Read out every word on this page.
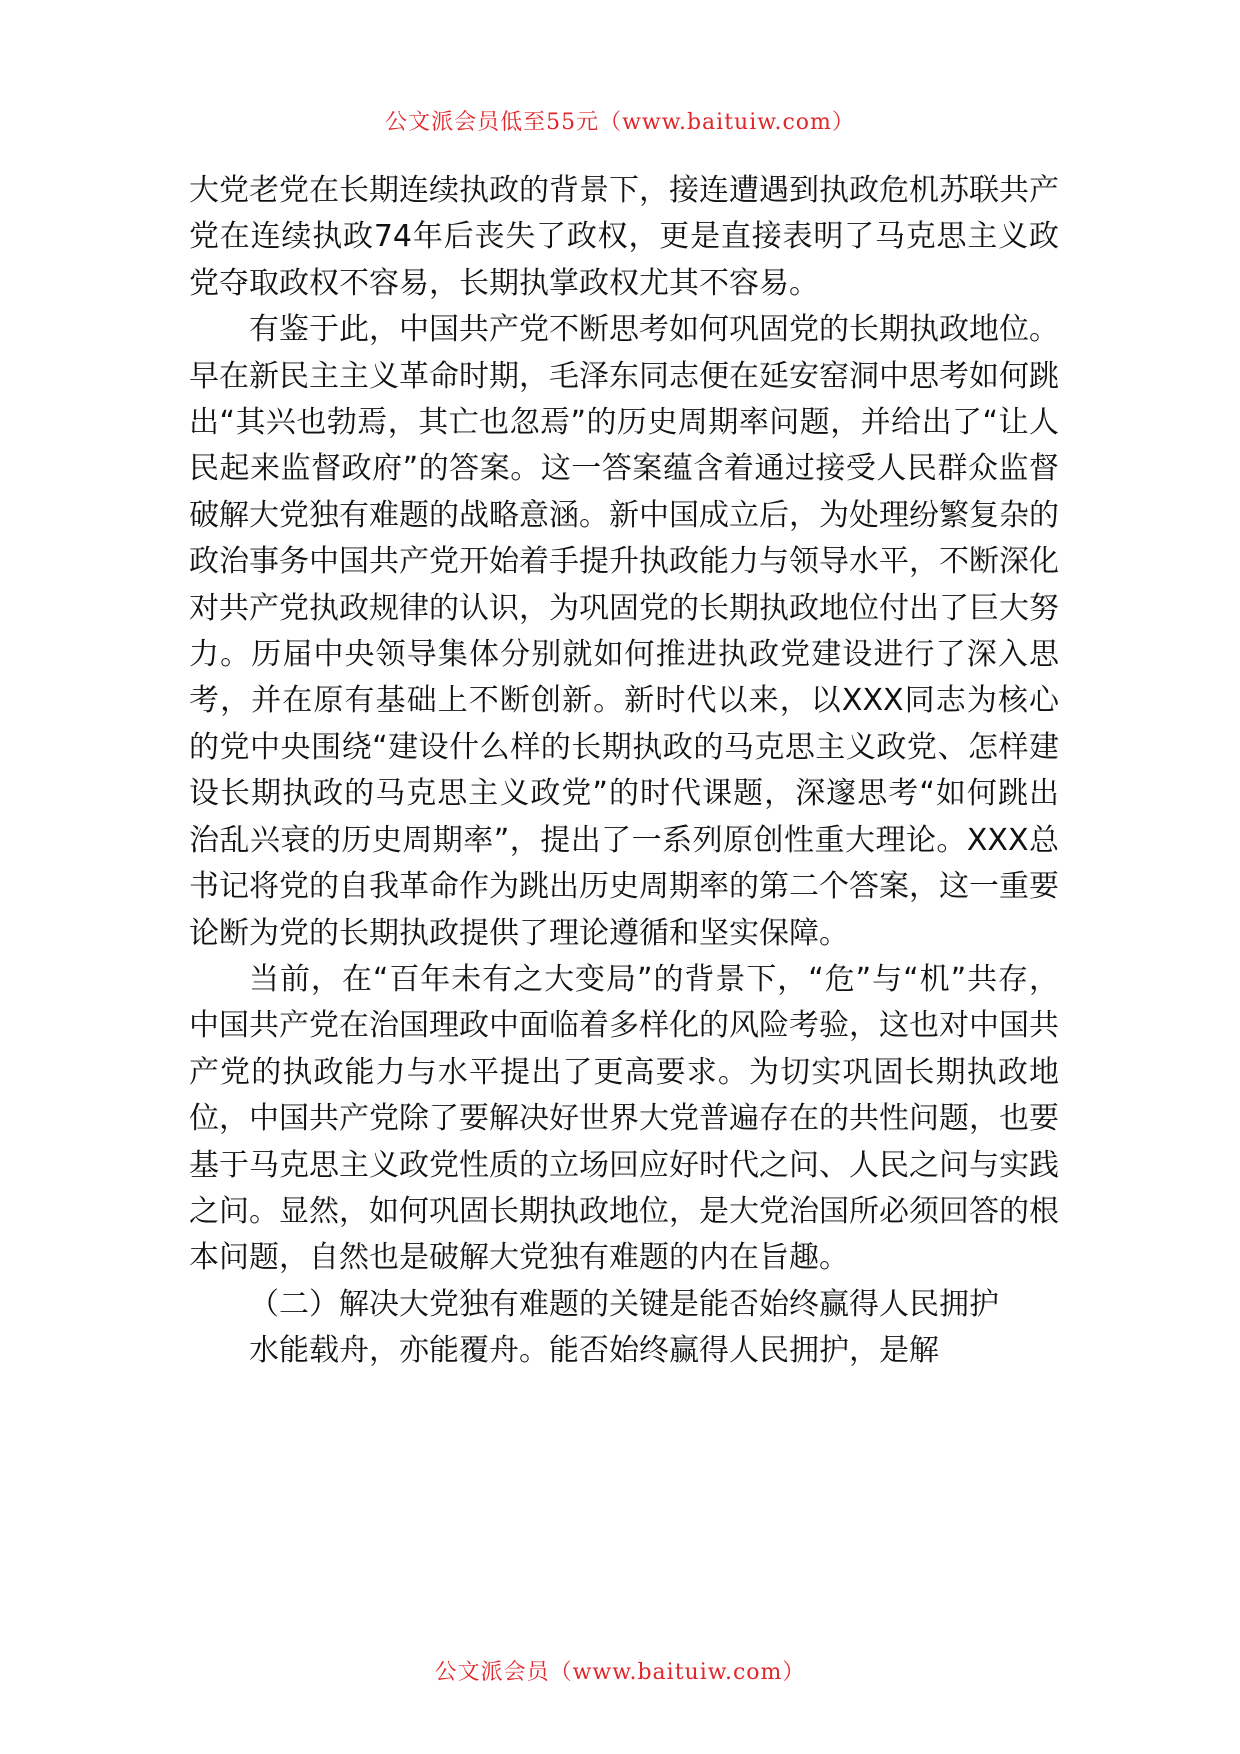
公文派会员低至55元（www.baituiw.com）

大党老党在长期连续执政的背景下，接连遭遇到执政危机苏联共产党在连续执政74年后丧失了政权，更是直接表明了马克思主义政党夺取政权不容易，长期执掌政权尤其不容易。

有鉴于此，中国共产党不断思考如何巩固党的长期执政地位。早在新民主主义革命时期，毛泽东同志便在延安窑洞中思考如何跳出“其兴也勃焉，其亡也忽焉”的历史周期率问题，并给出了“让人民起来监督政府”的答案。这一答案蕴含着通过接受人民群众监督破解大党独有难题的战略意涵。新中国成立后，为处理纷繁复杂的政治事务中国共产党开始着手提升执政能力与领导水平，不断深化对共产党执政规律的认识，为巩固党的长期执政地位付出了巨大努力。历届中央领导集体分别就如何推进执政党建设进行了深入思考，并在原有基础上不断创新。新时代以来，以XXX同志为核心的党中央围绕“建设什么样的长期执政的马克思主义政党、怎样建设长期执政的马克思主义政党”的时代课题，深邃思考“如何跳出治乱兴衰的历史周期率”，提出了一系列原创性重大理论。XXX总书记将党的自我革命作为跳出历史周期率的第二个答案，这一重要论断为党的长期执政提供了理论遵循和坚实保障。

当前，在“百年未有之大变局”的背景下，“危”与“机”共存，中国共产党在治国理政中面临着多样化的风险考验，这也对中国共产党的执政能力与水平提出了更高要求。为切实巩固长期执政地位，中国共产党除了要解决好世界大党普遍存在的共性问题，也要基于马克思主义政党性质的立场回应好时代之问、人民之问与实践之问。显然，如何巩固长期执政地位，是大党治国所必须回答的根本问题，自然也是破解大党独有难题的内在旨趣。

（二）解决大党独有难题的关键是能否始终赢得人民拥护

水能载舟，亦能覆舟。能否始终赢得人民拥护，是解

公文派会员（www.baituiw.com）
